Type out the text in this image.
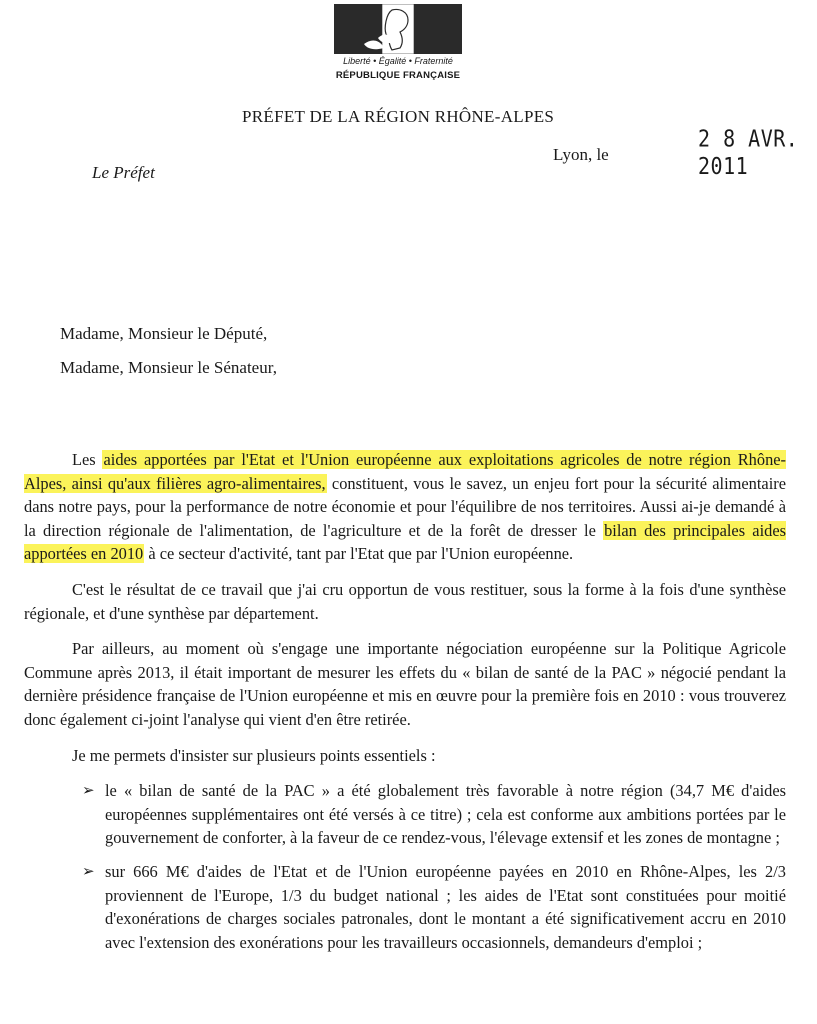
Liberté • Égalité • Fraternité
RÉPUBLIQUE FRANÇAISE
PRÉFET DE LA RÉGION RHÔNE-ALPES
2 8 AVR. 2011
Lyon, le
Le Préfet
Madame, Monsieur le Député,
Madame, Monsieur le Sénateur,

Les aides apportées par l'Etat et l'Union européenne aux exploitations agricoles de notre région Rhône-Alpes, ainsi qu'aux filières agro-alimentaires, constituent, vous le savez, un enjeu fort pour la sécurité alimentaire dans notre pays, pour la performance de notre économie et pour l'équilibre de nos territoires. Aussi ai-je demandé à la direction régionale de l'alimentation, de l'agriculture et de la forêt de dresser le bilan des principales aides apportées en 2010 à ce secteur d'activité, tant par l'Etat que par l'Union européenne.

C'est le résultat de ce travail que j'ai cru opportun de vous restituer, sous la forme à la fois d'une synthèse régionale, et d'une synthèse par département.

Par ailleurs, au moment où s'engage une importante négociation européenne sur la Politique Agricole Commune après 2013, il était important de mesurer les effets du « bilan de santé de la PAC » négocié pendant la dernière présidence française de l'Union européenne et mis en œuvre pour la première fois en 2010 : vous trouverez donc également ci-joint l'analyse qui vient d'en être retirée.

Je me permets d'insister sur plusieurs points essentiels :

➢ le « bilan de santé de la PAC » a été globalement très favorable à notre région (34,7 M€ d'aides européennes supplémentaires ont été versés à ce titre) ; cela est conforme aux ambitions portées par le gouvernement de conforter, à la faveur de ce rendez-vous, l'élevage extensif et les zones de montagne ;
➢ sur 666 M€ d'aides de l'Etat et de l'Union européenne payées en 2010 en Rhône-Alpes, les 2/3 proviennent de l'Europe, 1/3 du budget national ; les aides de l'Etat sont constituées pour moitié d'exonérations de charges sociales patronales, dont le montant a été significativement accru en 2010 avec l'extension des exonérations pour les travailleurs occasionnels, demandeurs d'emploi ;
